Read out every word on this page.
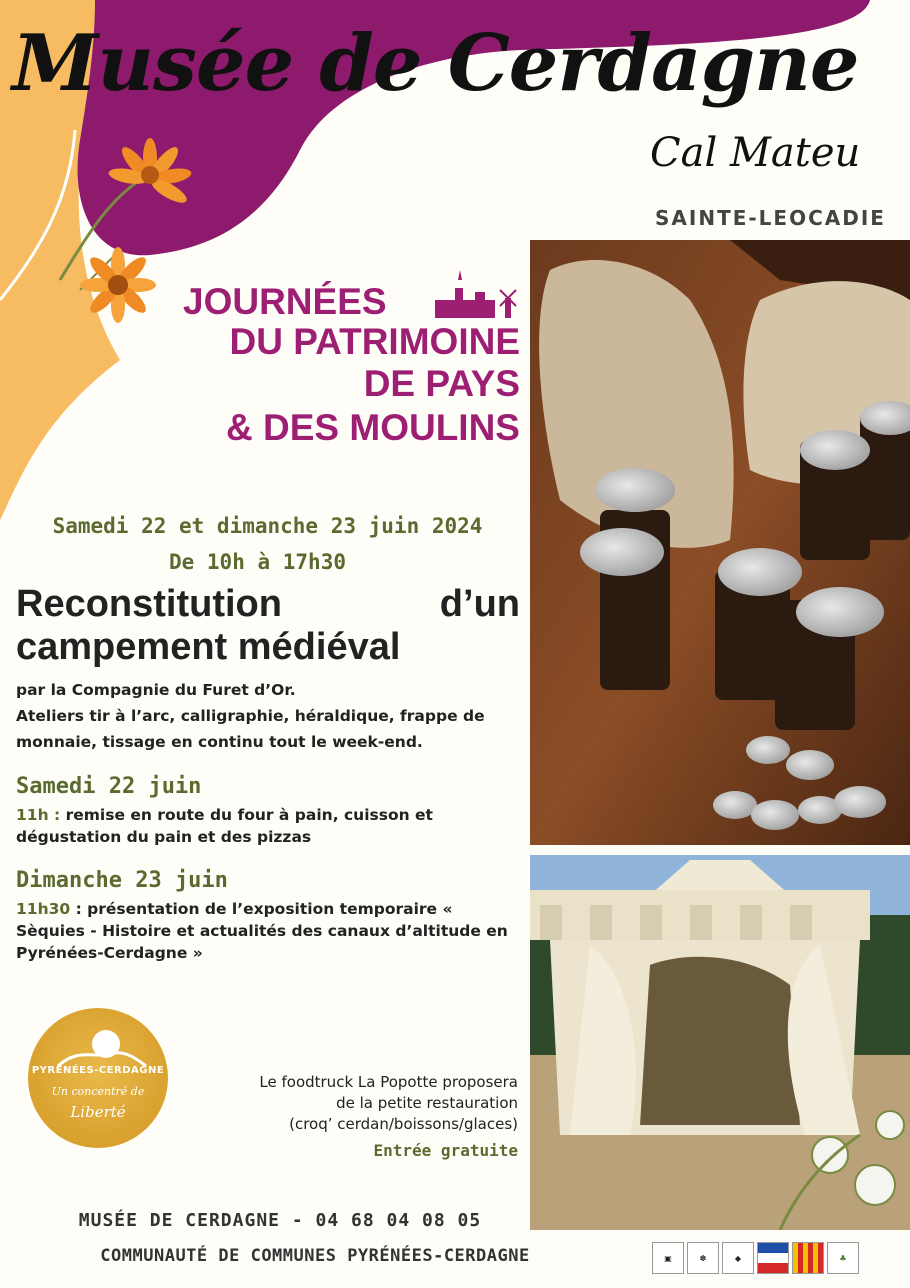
Musée de Cerdagne
Cal Mateu
SAINTE-LEOCADIE
JOURNÉES
DU PATRIMOINE
DE PAYS
& DES MOULINS
Samedi 22 et dimanche 23 juin 2024
De 10h à 17h30
Reconstitution d’un
campement médiéval
par la Compagnie du Furet d’Or.
Ateliers tir à l’arc, calligraphie, héraldique, frappe de monnaie, tissage en continu tout le week-end.
Samedi 22 juin
11h : remise en route du four à pain, cuisson et dégustation du pain et des pizzas
Dimanche 23 juin
11h30 : présentation de l’exposition temporaire « Sèquies - Histoire et actualités des canaux d’altitude en Pyrénées-Cerdagne »
Le foodtruck La Popotte proposera
de la petite restauration
(croq’ cerdan/boissons/glaces)
Entrée gratuite
PYRÉNÉES-CERDAGNE
Un concentré de
Liberté
MUSÉE DE CERDAGNE - 04 68 04 08 05
COMMUNAUTÉ DE COMMUNES PYRÉNÉES-CERDAGNE	▣	✽	◆	♣
